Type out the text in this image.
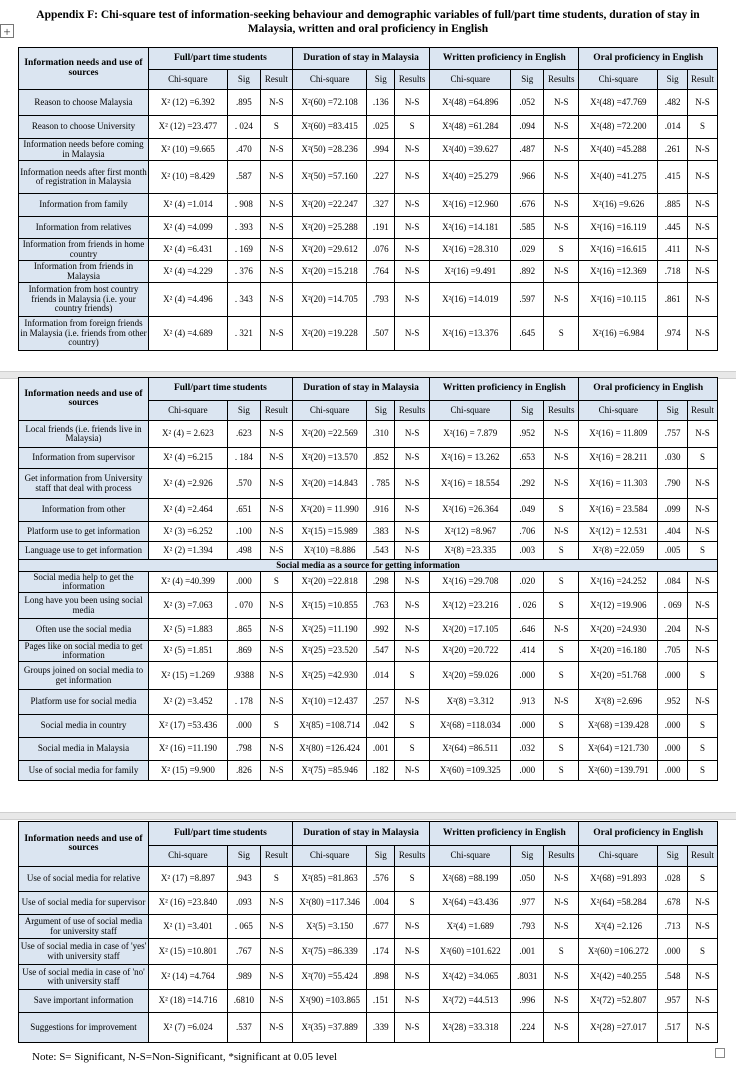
Appendix F: Chi-square test of information-seeking behaviour and demographic variables of full/part time students, duration of stay in Malaysia, written and oral proficiency in English
+
Information needs and use of sources	Full/part time students			Duration of stay in Malaysia			Written proficiency in English			Oral proficiency in English		
	Chi-square	Sig	Result	Chi-square	Sig	Results	Chi-square	Sig	Results	Chi-square	Sig	Result
Reason to choose Malaysia	X² (12) =6.392	.895	N-S	X²(60) =72.108	.136	N-S	X²(48) =64.896	.052	N-S	X²(48) =47.769	.482	N-S
Reason to choose University	X² (12) =23.477	. 024	S	X²(60) =83.415	.025	S	X²(48) =61.284	.094	N-S	X²(48) =72.200	.014	S
Information needs before coming in Malaysia	X² (10) =9.665	.470	N-S	X²(50) =28.236	.994	N-S	X²(40) =39.627	.487	N-S	X²(40) =45.288	.261	N-S
Information needs after first month of registration in Malaysia	X² (10) =8.429	.587	N-S	X²(50) =57.160	.227	N-S	X²(40) =25.279	.966	N-S	X²(40) =41.275	.415	N-S
Information from family	X² (4) =1.014	. 908	N-S	X²(20) =22.247	.327	N-S	X²(16) =12.960	.676	N-S	X²(16) =9.626	.885	N-S
Information from relatives	X² (4) =4.099	. 393	N-S	X²(20) =25.288	.191	N-S	X²(16) =14.181	.585	N-S	X²(16) =16.119	.445	N-S
Information from friends in home country	X² (4) =6.431	. 169	N-S	X²(20) =29.612	.076	N-S	X²(16) =28.310	.029	S	X²(16) =16.615	.411	N-S
Information from friends in Malaysia	X² (4) =4.229	. 376	N-S	X²(20) =15.218	.764	N-S	X²(16) =9.491	.892	N-S	X²(16) =12.369	.718	N-S
Information from host country friends in Malaysia (i.e. your country friends)	X² (4) =4.496	. 343	N-S	X²(20) =14.705	.793	N-S	X²(16) =14.019	.597	N-S	X²(16) =10.115	.861	N-S
Information from foreign friends in Malaysia (i.e. friends from other country)	X² (4) =4.689	. 321	N-S	X²(20) =19.228	.507	N-S	X²(16) =13.376	.645	S	X²(16) =6.984	.974	N-S
Information needs and use of sources	Full/part time students			Duration of stay in Malaysia			Written proficiency in English			Oral proficiency in English		
	Chi-square	Sig	Result	Chi-square	Sig	Results	Chi-square	Sig	Results	Chi-square	Sig	Result
Local friends (i.e. friends live in Malaysia)	X² (4) = 2.623	.623	N-S	X²(20) =22.569	.310	N-S	X²(16) = 7.879	.952	N-S	X²(16) = 11.809	.757	N-S
Information from supervisor	X² (4) =6.215	. 184	N-S	X²(20) =13.570	.852	N-S	X²(16) = 13.262	.653	N-S	X²(16) = 28.211	.030	S
Get information from University staff that deal with process	X² (4) =2.926	.570	N-S	X²(20) =14.843	. 785	N-S	X²(16) = 18.554	.292	N-S	X²(16) = 11.303	.790	N-S
Information from other	X² (4) =2.464	.651	N-S	X²(20) = 11.990	.916	N-S	X²(16) =26.364	.049	S	X²(16) = 23.584	.099	N-S
Platform use to get information	X² (3) =6.252	.100	N-S	X²(15) =15.989	.383	N-S	X²(12) =8.967	.706	N-S	X²(12) = 12.531	.404	N-S
Language use to get information	X² (2) =1.394	.498	N-S	X²(10) =8.886	.543	N-S	X²(8) =23.335	.003	S	X²(8) =22.059	.005	S
Social media as a source for getting information												
Social media help to get the information	X² (4) =40.399	.000	S	X²(20) =22.818	.298	N-S	X²(16) =29.708	.020	S	X²(16) =24.252	.084	N-S
Long have you been using social media	X² (3) =7.063	. 070	N-S	X²(15) =10.855	.763	N-S	X²(12) =23.216	. 026	S	X²(12) =19.906	. 069	N-S
Often use the social media	X² (5) =1.883	.865	N-S	X²(25) =11.190	.992	N-S	X²(20) =17.105	.646	N-S	X²(20) =24.930	.204	N-S
Pages like on social media to get information	X² (5) =1.851	.869	N-S	X²(25) =23.520	.547	N-S	X²(20) =20.722	.414	S	X²(20) =16.180	.705	N-S
Groups joined on social media to get information	X² (15) =1.269	.9388	N-S	X²(25) =42.930	.014	S	X²(20) =59.026	.000	S	X²(20) =51.768	.000	S
Platform use for social media	X² (2) =3.452	. 178	N-S	X²(10) =12.437	.257	N-S	X²(8) =3.312	.913	N-S	X²(8) =2.696	.952	N-S
Social media in country	X² (17) =53.436	.000	S	X²(85) =108.714	.042	S	X²(68) =118.034	.000	S	X²(68) =139.428	.000	S
Social media in Malaysia	X² (16) =11.190	.798	N-S	X²(80) =126.424	.001	S	X²(64) =86.511	.032	S	X²(64) =121.730	.000	S
Use of social media for family	X² (15) =9.900	.826	N-S	X²(75) =85.946	.182	N-S	X²(60) =109.325	.000	S	X²(60) =139.791	.000	S
Information needs and use of sources	Full/part time students			Duration of stay in Malaysia			Written proficiency in English			Oral proficiency in English		
	Chi-square	Sig	Result	Chi-square	Sig	Results	Chi-square	Sig	Results	Chi-square	Sig	Result
Use of social media for relative	X² (17) =8.897	.943	S	X²(85) =81.863	.576	S	X²(68) =88.199	.050	N-S	X²(68) =91.893	.028	S
Use of social media for supervisor	X² (16) =23.840	.093	N-S	X²(80) =117.346	.004	S	X²(64) =43.436	.977	N-S	X²(64) =58.284	.678	N-S
Argument of use of social media for university staff	X² (1) =3.401	. 065	N-S	X²(5) =3.150	.677	N-S	X²(4) =1.689	.793	N-S	X²(4) =2.126	.713	N-S
Use of social media in case of 'yes' with university staff	X² (15) =10.801	.767	N-S	X²(75) =86.339	.174	N-S	X²(60) =101.622	.001	S	X²(60) =106.272	.000	S
Use of social media in case of 'no' with university staff	X² (14) =4.764	.989	N-S	X²(70) =55.424	.898	N-S	X²(42) =34.065	.8031	N-S	X²(42) =40.255	.548	N-S
Save important information	X² (18) =14.716	.6810	N-S	X²(90) =103.865	.151	N-S	X²(72) =44.513	.996	N-S	X²(72) =52.807	.957	N-S
Suggestions for improvement	X² (7) =6.024	.537	N-S	X²(35) =37.889	.339	N-S	X²(28) =33.318	.224	N-S	X²(28) =27.017	.517	N-S
Note: S= Significant, N-S=Non-Significant, *significant at 0.05 level
